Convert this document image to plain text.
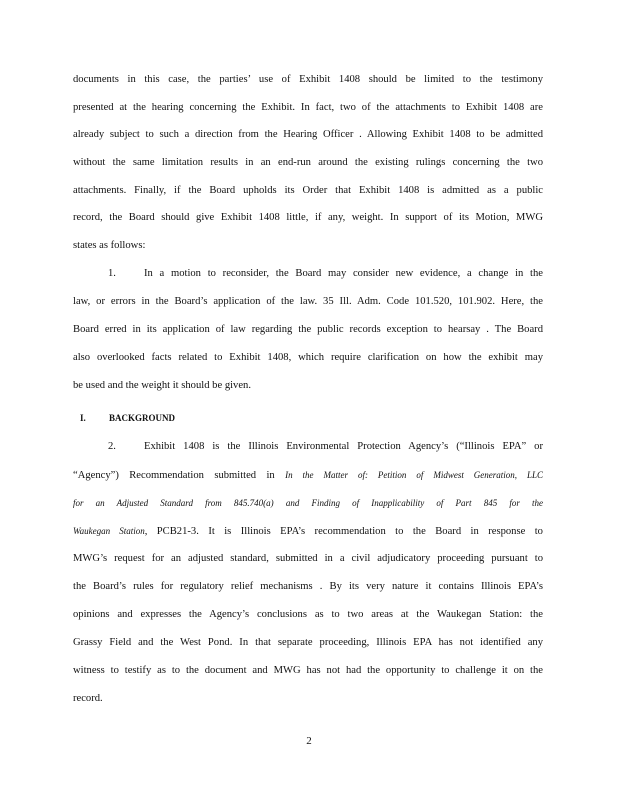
documents in this case, the parties’ use of Exhibit 1408 should be limited to the testimony
presented at the hearing concerning the Exhibit. In fact, two of the attachments to Exhibit 1408 are
already subject to such a direction from the Hearing Officer . Allowing Exhibit 1408 to be admitted
without the same limitation results in an end-run around the existing rulings concerning the two
attachments. Finally, if the Board upholds its Order that Exhibit 1408 is admitted as a public
record, the Board should give Exhibit 1408 little, if any, weight. In support of its Motion, MWG
states as follows:
1.	In a motion to reconsider, the Board may consider new evidence, a change in the
law, or errors in the Board’s application of the law. 35 Ill. Adm. Code 101.520, 101.902. Here, the
Board erred in its application of law regarding the public records exception to hearsay . The Board
also overlooked facts related to Exhibit 1408, which require clarification on how the exhibit may
be used and the weight it should be given.
I.	BACKGROUND
2.	Exhibit 1408 is the Illinois Environmental Protection Agency’s (“Illinois EPA” or
“Agency”) Recommendation submitted in In the Matter of: Petition of Midwest Generation, LLC
for an Adjusted Standard from 845.740(a) and Finding of Inapplicability of Part 845 for the
Waukegan Station, PCB21-3. It is Illinois EPA’s recommendation to the Board in response to
MWG’s request for an adjusted standard, submitted in a civil adjudicatory proceeding pursuant to
the Board’s rules for regulatory relief mechanisms . By its very nature it contains Illinois EPA’s
opinions and expresses the Agency’s conclusions as to two areas at the Waukegan Station: the
Grassy Field and the West Pond. In that separate proceeding, Illinois EPA has not identified any
witness to testify as to the document and MWG has not had the opportunity to challenge it on the
record.
2
